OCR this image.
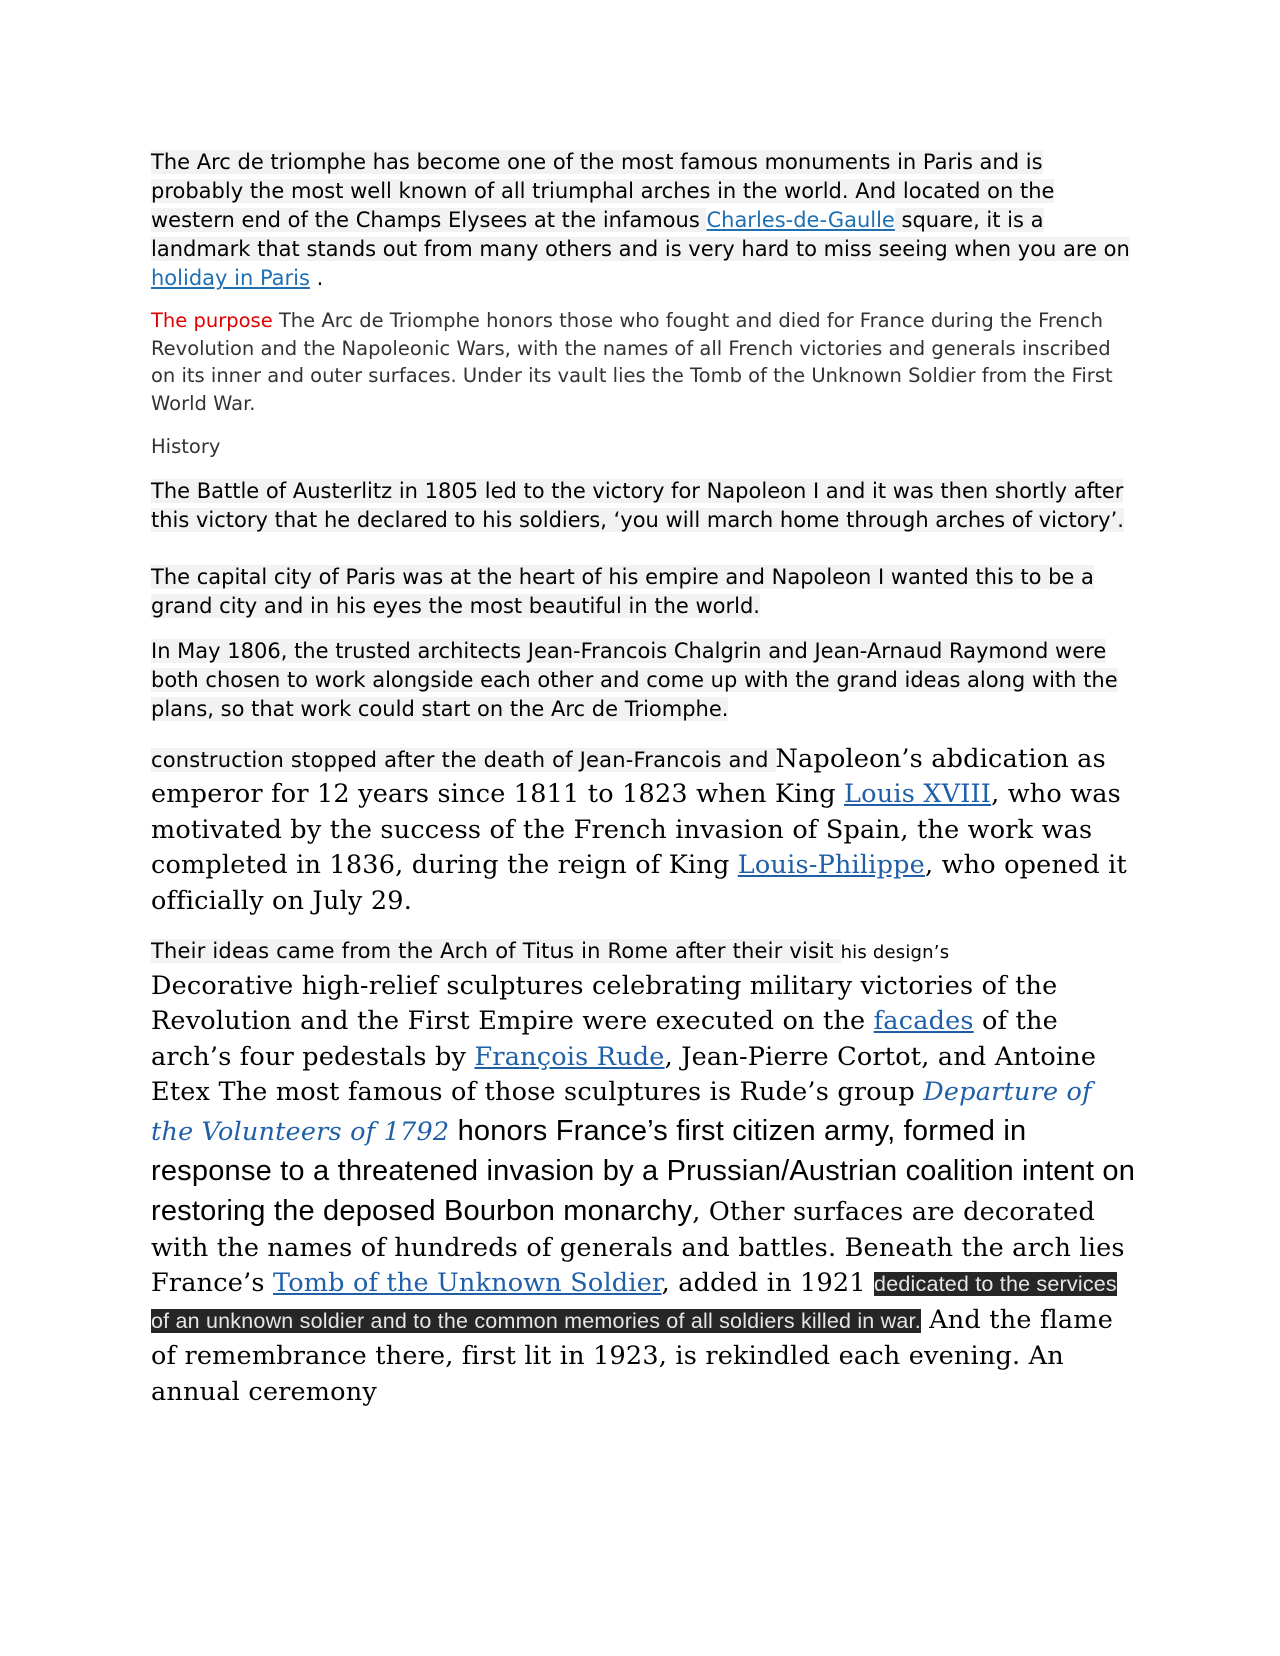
The Arc de triomphe has become one of the most famous monuments in Paris and is probably the most well known of all triumphal arches in the world. And located on the western end of the Champs Elysees at the infamous Charles-de-Gaulle square, it is a landmark that stands out from many others and is very hard to miss seeing when you are on holiday in Paris .

The purpose The Arc de Triomphe honors those who fought and died for France during the French Revolution and the Napoleonic Wars, with the names of all French victories and generals inscribed on its inner and outer surfaces. Under its vault lies the Tomb of the Unknown Soldier from the First World War.

History

The Battle of Austerlitz in 1805 led to the victory for Napoleon I and it was then shortly after this victory that he declared to his soldiers, ‘you will march home through arches of victory’.

The capital city of Paris was at the heart of his empire and Napoleon I wanted this to be a grand city and in his eyes the most beautiful in the world.

In May 1806, the trusted architects Jean-Francois Chalgrin and Jean-Arnaud Raymond were both chosen to work alongside each other and come up with the grand ideas along with the plans, so that work could start on the Arc de Triomphe.

construction stopped after the death of Jean-Francois and Napoleon’s abdication as emperor for 12 years since 1811 to 1823 when King Louis XVIII, who was motivated by the success of the French invasion of Spain, the work was completed in 1836, during the reign of King Louis-Philippe, who opened it officially on July 29.

Their ideas came from the Arch of Titus in Rome after their visit his design’s
Decorative high-relief sculptures celebrating military victories of the Revolution and the First Empire were executed on the facades of the arch’s four pedestals by François Rude, Jean-Pierre Cortot, and Antoine Etex The most famous of those sculptures is Rude’s group Departure of the Volunteers of 1792 honors France’s first citizen army, formed in response to a threatened invasion by a Prussian/Austrian coalition intent on restoring the deposed Bourbon monarchy, Other surfaces are decorated with the names of hundreds of generals and battles. Beneath the arch lies France’s Tomb of the Unknown Soldier, added in 1921 dedicated to the services of an unknown soldier and to the common memories of all soldiers killed in war. And the flame of remembrance there, first lit in 1923, is rekindled each evening. An annual ceremony
